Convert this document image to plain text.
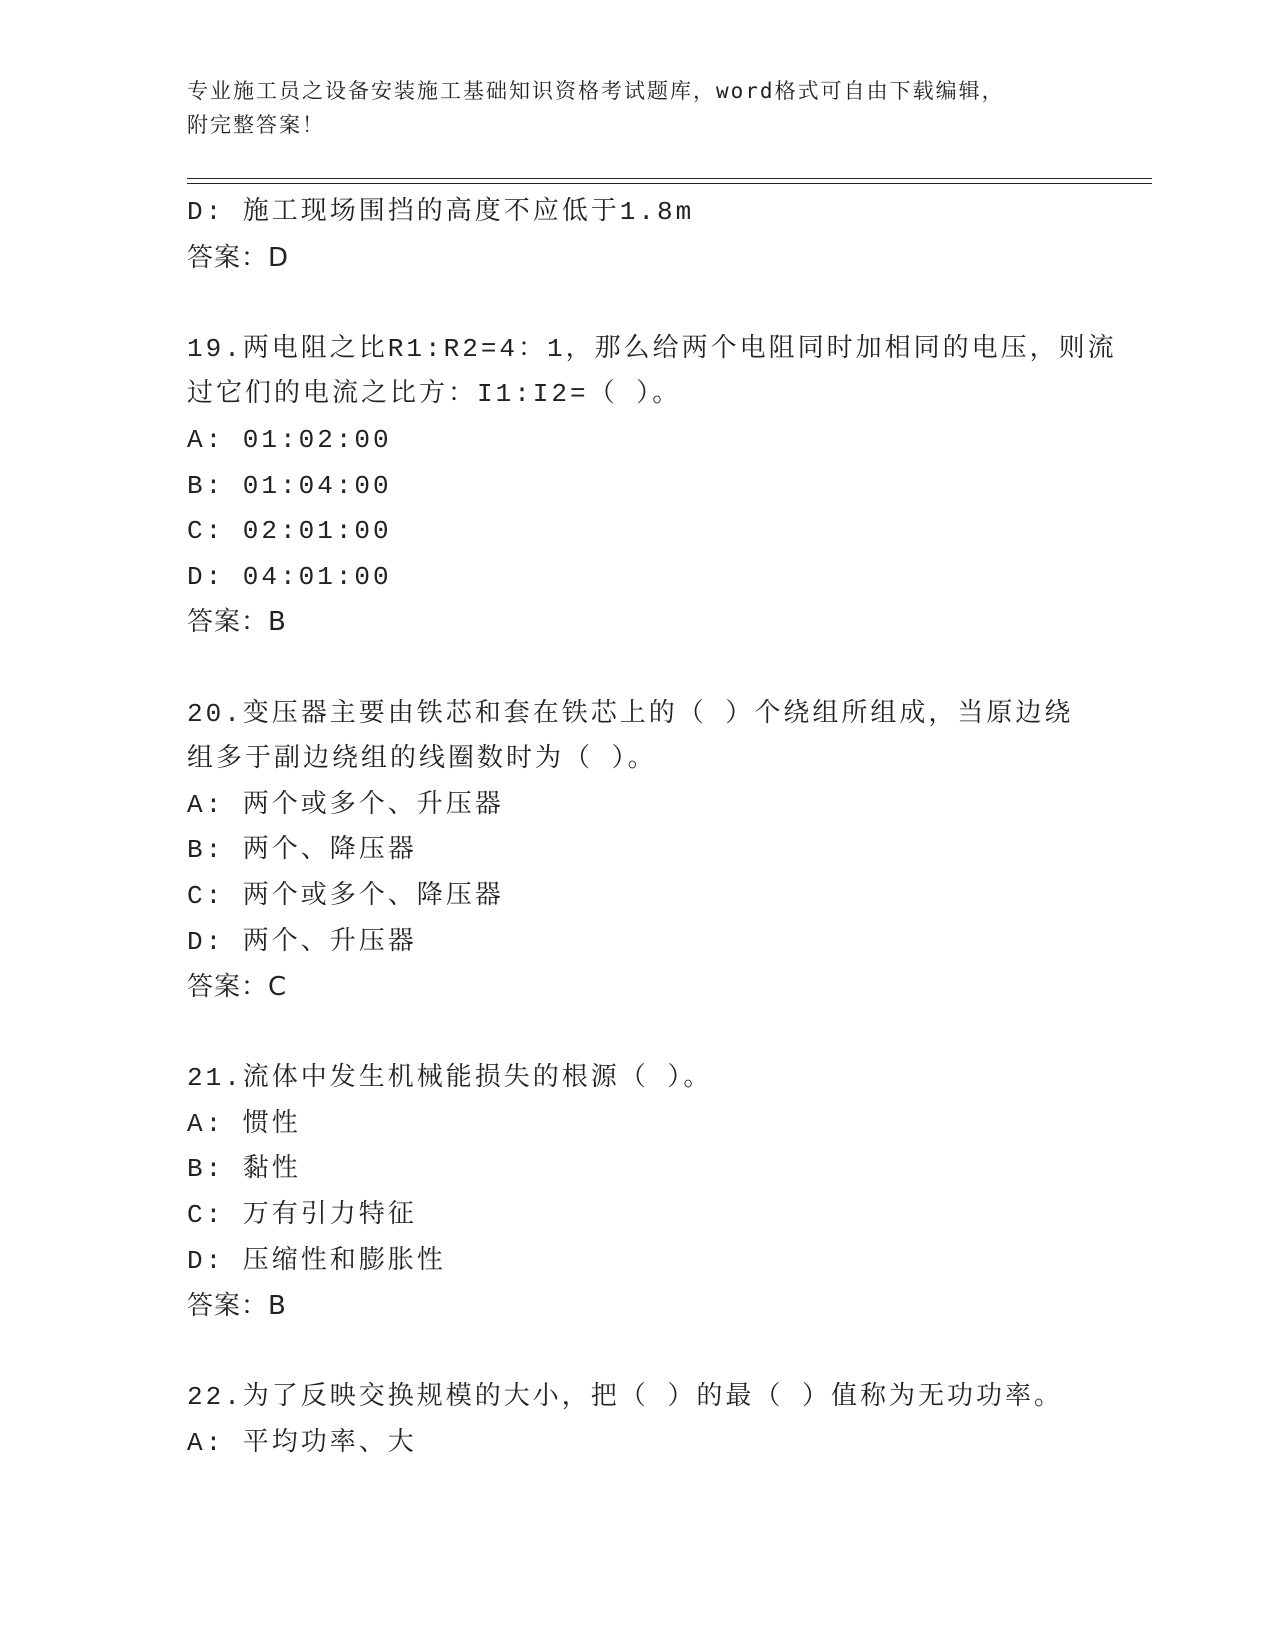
专业施工员之设备安装施工基础知识资格考试题库，word格式可自由下载编辑，
附完整答案！
D: 施工现场围挡的高度不应低于1.8m
答案：D
19.两电阻之比R1:R2=4：1，那么给两个电阻同时加相同的电压，则流
过它们的电流之比方：I1:I2=（ ）。
A: 01:02:00
B: 01:04:00
C: 02:01:00
D: 04:01:00
答案：B
20.变压器主要由铁芯和套在铁芯上的（ ）个绕组所组成，当原边绕
组多于副边绕组的线圈数时为（ ）。
A: 两个或多个、升压器
B: 两个、降压器
C: 两个或多个、降压器
D: 两个、升压器
答案：C
21.流体中发生机械能损失的根源（ ）。
A: 惯性
B: 黏性
C: 万有引力特征
D: 压缩性和膨胀性
答案：B
22.为了反映交换规模的大小，把（ ）的最（ ）值称为无功功率。
A: 平均功率、大
